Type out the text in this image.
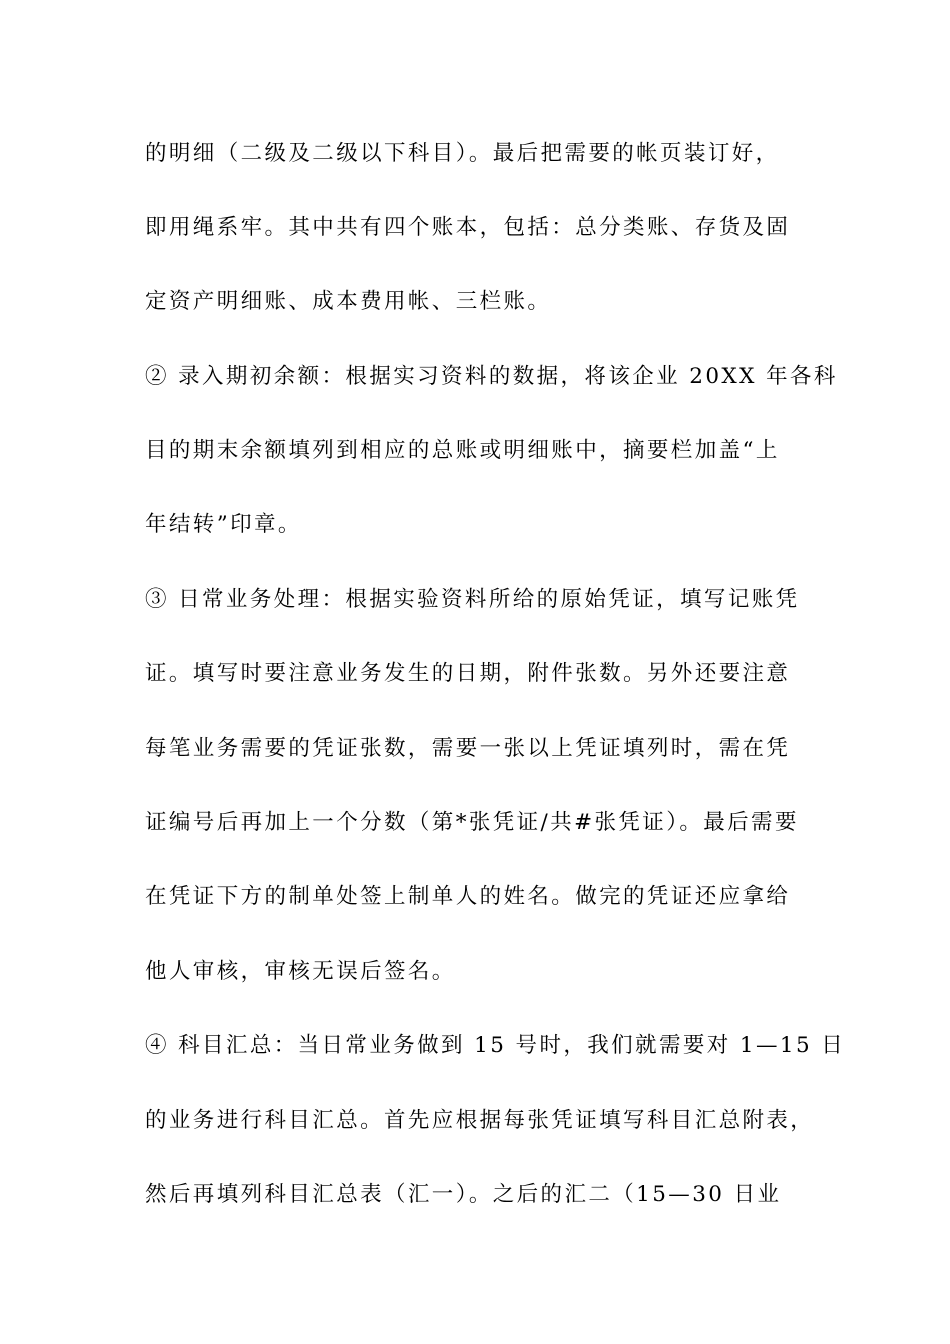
的明细（二级及二级以下科目）。最后把需要的帐页装订好，
即用绳系牢。其中共有四个账本，包括：总分类账、存货及固
定资产明细账、成本费用帐、三栏账。
② 录入期初余额：根据实习资料的数据，将该企业 20XX 年各科
目的期末余额填列到相应的总账或明细账中，摘要栏加盖“上
年结转”印章。
③ 日常业务处理：根据实验资料所给的原始凭证，填写记账凭
证。填写时要注意业务发生的日期，附件张数。另外还要注意
每笔业务需要的凭证张数，需要一张以上凭证填列时，需在凭
证编号后再加上一个分数（第*张凭证/共#张凭证）。最后需要
在凭证下方的制单处签上制单人的姓名。做完的凭证还应拿给
他人审核，审核无误后签名。
④ 科目汇总：当日常业务做到 15 号时，我们就需要对 1—15 日
的业务进行科目汇总。首先应根据每张凭证填写科目汇总附表，
然后再填列科目汇总表（汇一）。之后的汇二（15—30 日业
